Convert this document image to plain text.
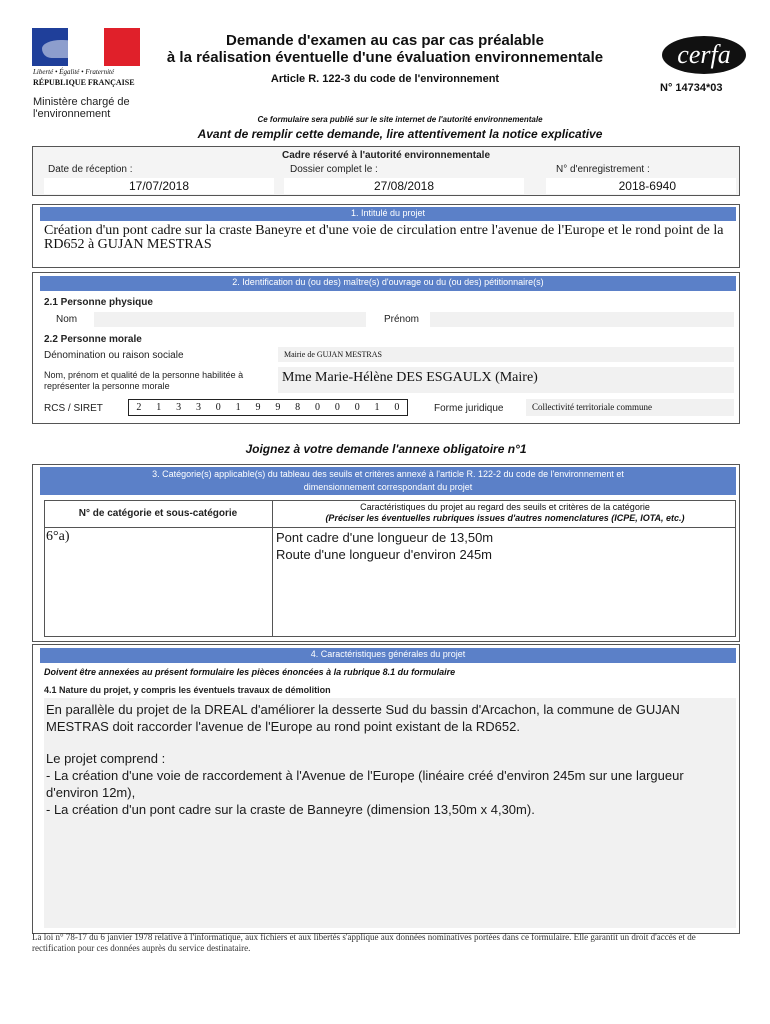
Liberté • Égalité • Fraternité
RÉPUBLIQUE FRANÇAISE
Ministère chargé de l'environnement
Demande d'examen au cas par cas préalable
à la réalisation éventuelle d'une évaluation environnementale
Article R. 122-3 du code de l'environnement
cerfa
N° 14734*03
Ce formulaire sera publié sur le site internet de l'autorité environnementale
Avant de remplir cette demande, lire attentivement la notice explicative
Cadre réservé à l'autorité environnementale
Date de réception :
17/07/2018
Dossier complet le :
27/08/2018
N° d'enregistrement :
2018-6940
1. Intitulé du projet
Création d'un pont cadre sur la craste Baneyre et d'une voie de circulation entre l'avenue de l'Europe et le rond point de la RD652 à GUJAN MESTRAS
2. Identification du (ou des) maître(s) d'ouvrage ou du (ou des) pétitionnaire(s)
2.1 Personne physique
Nom	Prénom
2.2 Personne morale
Dénomination ou raison sociale	Mairie de GUJAN MESTRAS
Nom, prénom et qualité de la personne habilitée à représenter la personne morale
Mme Marie-Hélène DES ESGAULX (Maire)
RCS / SIRET	2 1 3 3 0 1 9 9 8 0 0 0 1 0	Forme juridique	Collectivité territoriale commune
Joignez à votre demande l'annexe obligatoire n°1
3. Catégorie(s) applicable(s) du tableau des seuils et critères annexé à l'article R. 122-2 du code de l'environnement et
dimensionnement correspondant du projet
N° de catégorie et sous-catégorie
Caractéristiques du projet au regard des seuils et critères de la catégorie
(Préciser les éventuelles rubriques issues d'autres nomenclatures (ICPE, IOTA, etc.)
6°a)	Pont cadre d'une longueur de 13,50m
Route d'une longueur d'environ 245m
4. Caractéristiques générales du projet
Doivent être annexées au présent formulaire les pièces énoncées à la rubrique 8.1 du formulaire
4.1 Nature du projet, y compris les éventuels travaux de démolition
En parallèle du projet de la DREAL d'améliorer la desserte Sud du bassin d'Arcachon, la commune de GUJAN MESTRAS doit raccorder l'avenue de l'Europe au rond point existant de la RD652.
Le projet comprend :
- La création d'une voie de raccordement à l'Avenue de l'Europe (linéaire créé d'environ 245m sur une largueur d'environ 12m),
- La création d'un pont cadre sur la craste de Banneyre (dimension 13,50m x 4,30m).
La loi n° 78-17 du 6 janvier 1978 relative à l'informatique, aux fichiers et aux libertés s'applique aux données nominatives portées dans ce formulaire. Elle garantit un droit d'accès et de rectification pour ces données auprès du service destinataire.
